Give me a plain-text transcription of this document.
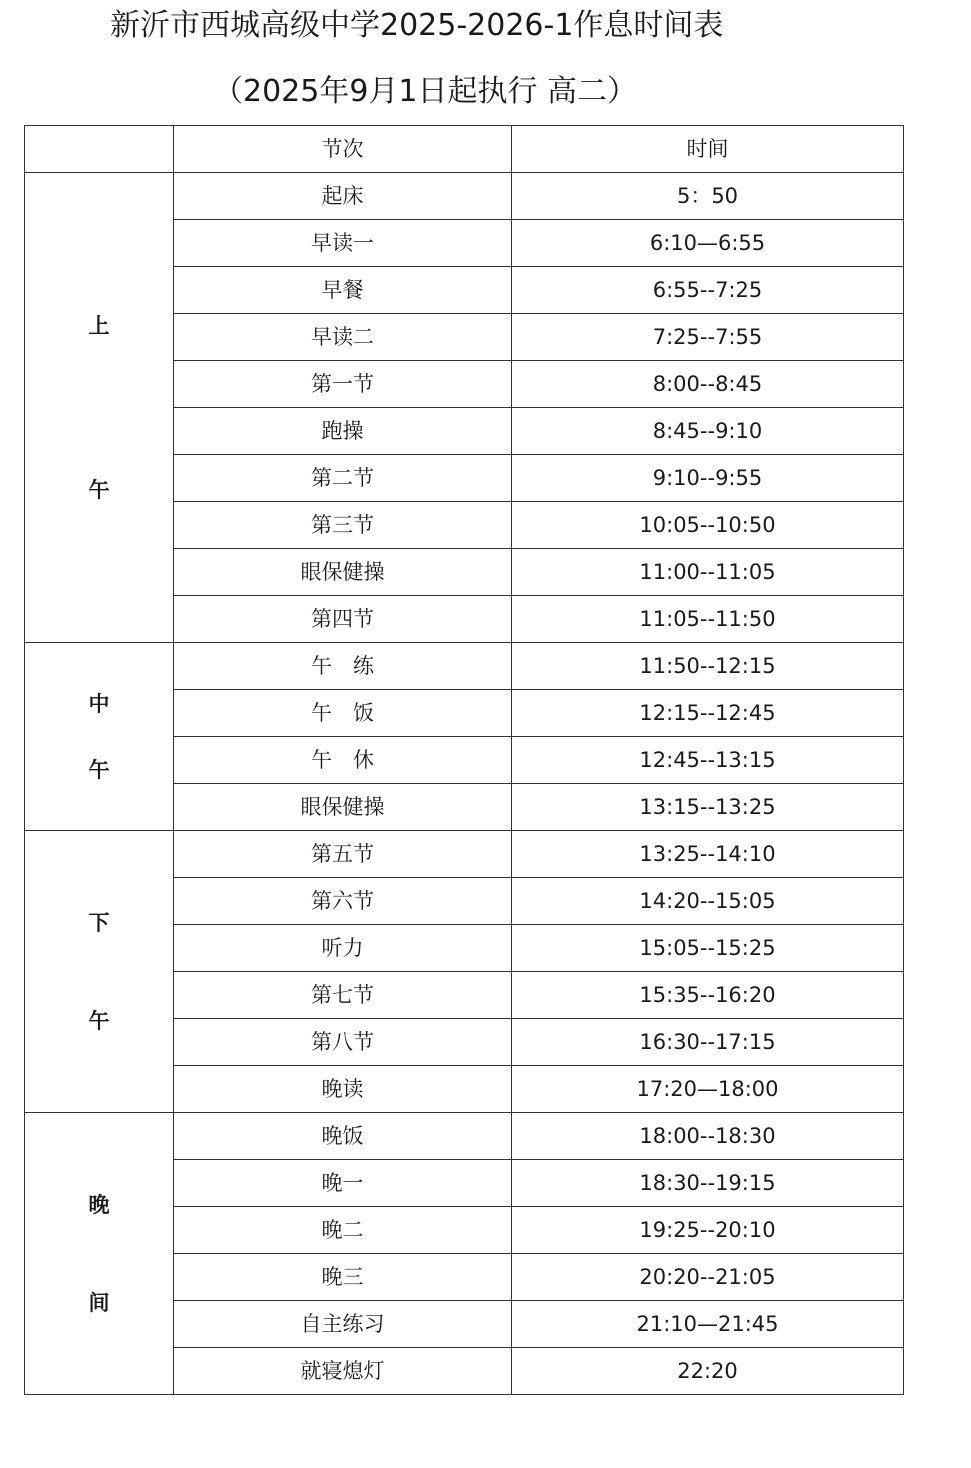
新沂市西城高级中学2025-2026-1作息时间表
（2025年9月1日起执行 高二）
	节次	时间

上
午	起床	5：50
	早读一	6:10—6:55
	早餐	6:55--7:25
	早读二	7:25--7:55
	第一节	8:00--8:45
	跑操	8:45--9:10
	第二节	9:10--9:55
	第三节	10:05--10:50
	眼保健操	11:00--11:05
	第四节	11:05--11:50

中
午	午　练	11:50--12:15
	午　饭	12:15--12:45
	午　休	12:45--13:15
	眼保健操	13:15--13:25

下
午	第五节	13:25--14:10
	第六节	14:20--15:05
	听力	15:05--15:25
	第七节	15:35--16:20
	第八节	16:30--17:15
	晚读	17:20—18:00

晚
间	晚饭	18:00--18:30
	晚一	18:30--19:15
	晚二	19:25--20:10
	晚三	20:20--21:05
	自主练习	21:10—21:45
	就寝熄灯	22:20
